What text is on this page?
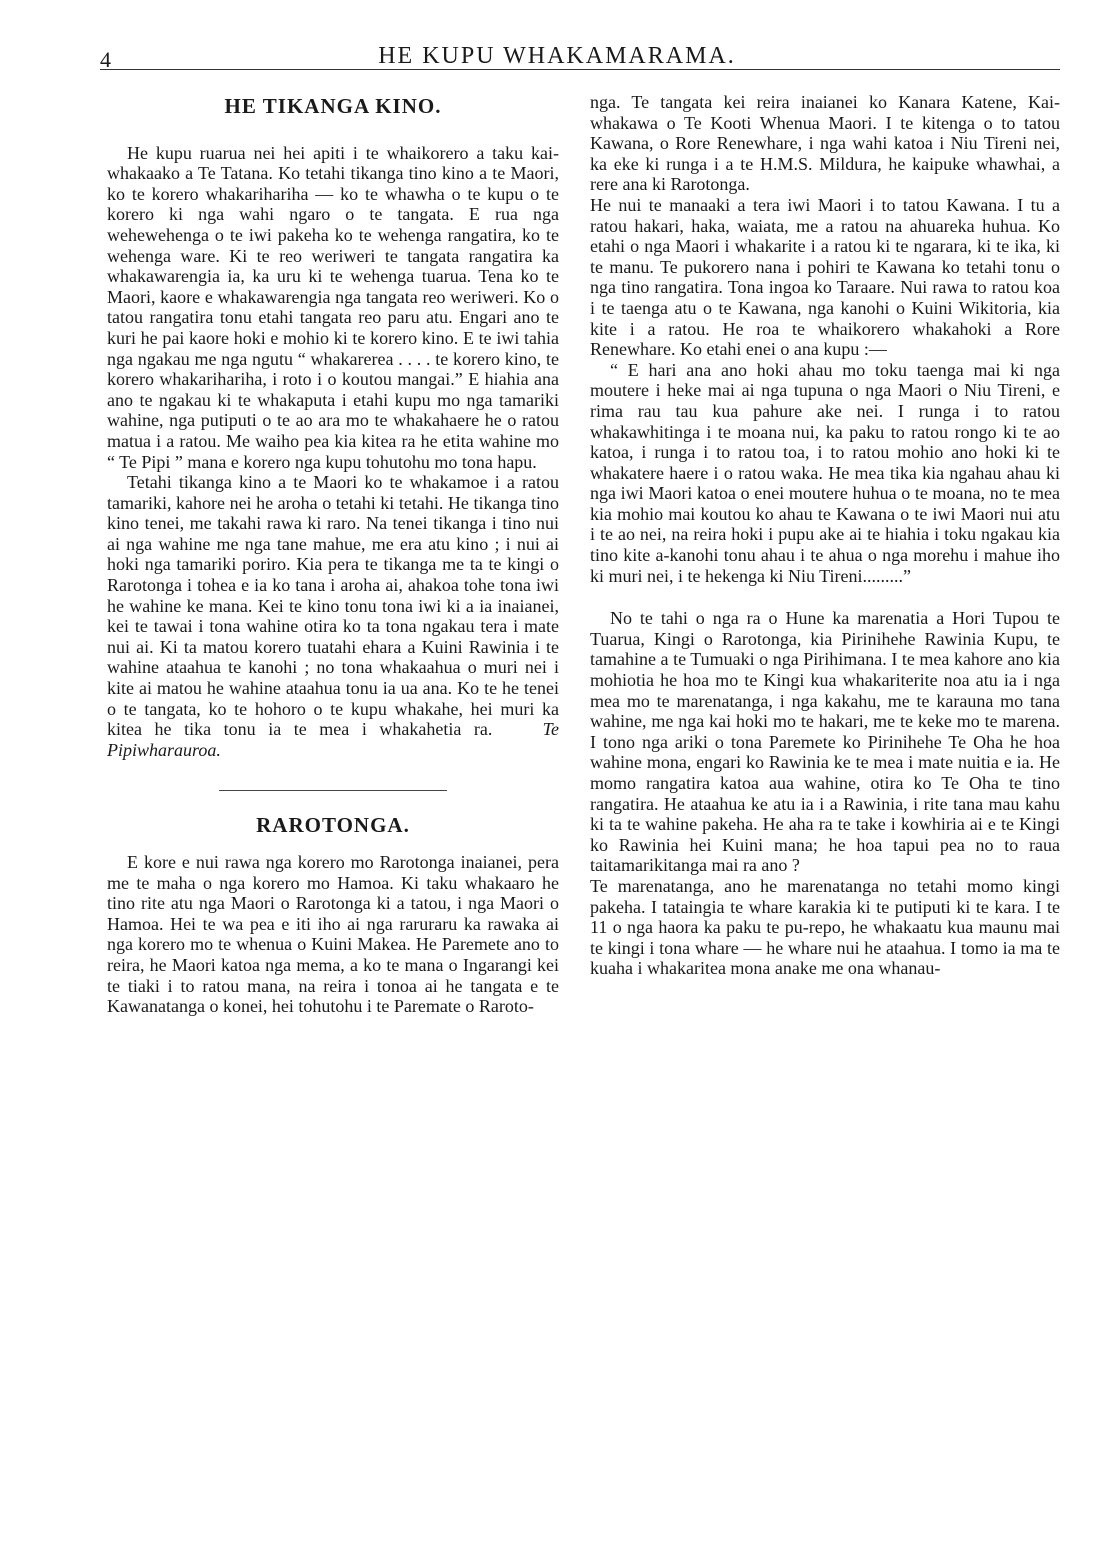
4	HE KUPU WHAKAMARAMA.
HE TIKANGA KINO.

He kupu ruarua nei hei apiti i te whaikorero a taku kai-whakaako a Te Tatana. Ko tetahi tikanga tino kino a te Maori, ko te korero whakarihariha — ko te whawha o te kupu o te korero ki nga wahi ngaro o te tangata. E rua nga wehewehenga o te iwi pakeha ko te wehenga rangatira, ko te wehenga ware. Ki te reo weriweri te tangata rangatira ka whakawarengia ia, ka uru ki te wehenga tuarua. Tena ko te Maori, kaore e whakawarengia nga tangata reo weriweri. Ko o tatou rangatira tonu etahi tangata reo paru atu. Engari ano te kuri he pai kaore hoki e mohio ki te korero kino. E te iwi tahia nga ngakau me nga ngutu “ whakarerea . . . . te korero kino, te korero whakarihariha, i roto i o koutou mangai.” E hiahia ana ano te ngakau ki te whakaputa i etahi kupu mo nga tamariki wahine, nga putiputi o te ao ara mo te whakahaere he o ratou matua i a ratou. Me waiho pea kia kitea ra he etita wahine mo “ Te Pipi ” mana e korero nga kupu tohutohu mo tona hapu.

Tetahi tikanga kino a te Maori ko te whakamoe i a ratou tamariki, kahore nei he aroha o tetahi ki tetahi. He tikanga tino kino tenei, me takahi rawa ki raro. Na tenei tikanga i tino nui ai nga wahine me nga tane mahue, me era atu kino ; i nui ai hoki nga tamariki poriro. Kia pera te tikanga me ta te kingi o Rarotonga i tohea e ia ko tana i aroha ai, ahakoa tohe tona iwi he wahine ke mana. Kei te kino tonu tona iwi ki a ia inaianei, kei te tawai i tona wahine otira ko ta tona ngakau tera i mate nui ai. Ki ta matou korero tuatahi ehara a Kuini Rawinia i te wahine ataahua te kanohi ; no tona whakaahua o muri nei i kite ai matou he wahine ataahua tonu ia ua ana. Ko te he tenei o te tangata, ko te hohoro o te kupu whakahe, hei muri ka kitea he tika tonu ia te mea i whakahetia ra.	Te Pipiwharauroa.

RAROTONGA.

E kore e nui rawa nga korero mo Rarotonga inaianei, pera me te maha o nga korero mo Hamoa. Ki taku whakaaro he tino rite atu nga Maori o Rarotonga ki a tatou, i nga Maori o Hamoa. Hei te wa pea e iti iho ai nga raruraru ka rawaka ai nga korero mo te whenua o Kuini Makea. He Paremete ano to reira, he Maori katoa nga mema, a ko te mana o Ingarangi kei te tiaki i to ratou mana, na reira i tonoa ai he tangata e te Kawanatanga o konei, hei tohutohu i te Paremate o Raroto-

nga. Te tangata kei reira inaianei ko Kanara Katene, Kai-whakawa o Te Kooti Whenua Maori. I te kitenga o to tatou Kawana, o Rore Renewhare, i nga wahi katoa i Niu Tireni nei, ka eke ki runga i a te H.M.S. Mildura, he kaipuke whawhai, a rere ana ki Rarotonga.

He nui te manaaki a tera iwi Maori i to tatou Kawana. I tu a ratou hakari, haka, waiata, me a ratou na ahuareka huhua. Ko etahi o nga Maori i whakarite i a ratou ki te ngarara, ki te ika, ki te manu. Te pukorero nana i pohiri te Kawana ko tetahi tonu o nga tino rangatira. Tona ingoa ko Taraare. Nui rawa to ratou koa i te taenga atu o te Kawana, nga kanohi o Kuini Wikitoria, kia kite i a ratou. He roa te whaikorero whakahoki a Rore Renewhare. Ko etahi enei o ana kupu :—

“ E hari ana ano hoki ahau mo toku taenga mai ki nga moutere i heke mai ai nga tupuna o nga Maori o Niu Tireni, e rima rau tau kua pahure ake nei. I runga i to ratou whakawhitinga i te moana nui, ka paku to ratou rongo ki te ao katoa, i runga i to ratou toa, i to ratou mohio ano hoki ki te whakatere haere i o ratou waka. He mea tika kia ngahau ahau ki nga iwi Maori katoa o enei moutere huhua o te moana, no te mea kia mohio mai koutou ko ahau te Kawana o te iwi Maori nui atu i te ao nei, na reira hoki i pupu ake ai te hiahia i toku ngakau kia tino kite a-kanohi tonu ahau i te ahua o nga morehu i mahue iho ki muri nei, i te hekenga ki Niu Tireni.........”

No te tahi o nga ra o Hune ka marenatia a Hori Tupou te Tuarua, Kingi o Rarotonga, kia Pirinihehe Rawinia Kupu, te tamahine a te Tumuaki o nga Pirihimana. I te mea kahore ano kia mohiotia he hoa mo te Kingi kua whakariterite noa atu ia i nga mea mo te marenatanga, i nga kakahu, me te karauna mo tana wahine, me nga kai hoki mo te hakari, me te keke mo te marena. I tono nga ariki o tona Paremete ko Pirinihehe Te Oha he hoa wahine mona, engari ko Rawinia ke te mea i mate nuitia e ia. He momo rangatira katoa aua wahine, otira ko Te Oha te tino rangatira. He ataahua ke atu ia i a Rawinia, i rite tana mau kahu ki ta te wahine pakeha. He aha ra te take i kowhiria ai e te Kingi ko Rawinia hei Kuini mana; he hoa tapui pea no to raua taitamarikitanga mai ra ano ?

Te marenatanga, ano he marenatanga no tetahi momo kingi pakeha. I tataingia te whare karakia ki te putiputi ki te kara. I te 11 o nga haora ka paku te pu-repo, he whakaatu kua maunu mai te kingi i tona whare — he whare nui he ataahua. I tomo ia ma te kuaha i whakaritea mona anake me ona whanau-
